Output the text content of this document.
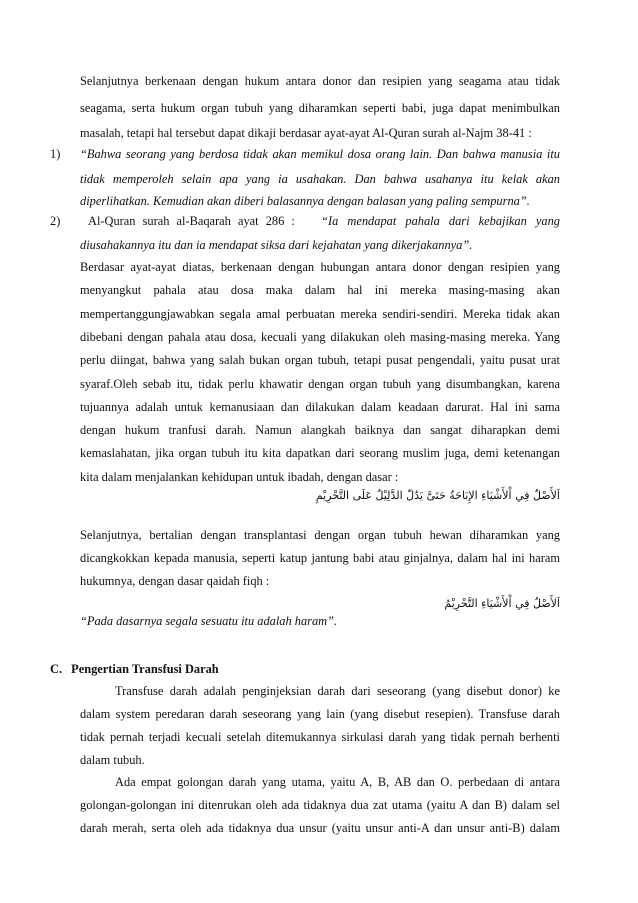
Selanjutnya berkenaan dengan hukum antara donor dan resipien yang seagama atau tidak
seagama, serta hukum organ tubuh yang diharamkan seperti babi, juga dapat menimbulkan
masalah, tetapi hal tersebut dapat dikaji berdasar ayat-ayat Al-Quran surah al-Najm 38-41 :
1) “Bahwa seorang yang berdosa tidak akan memikul dosa orang lain. Dan bahwa manusia itu
tidak memperoleh selain apa yang ia usahakan. Dan bahwa usahanya itu kelak akan
diperlihatkan. Kemudian akan diberi balasannya dengan balasan yang paling sempurna”.
2) Al-Quran surah al-Baqarah ayat 286 : “Ia mendapat pahala dari kebajikan yang
diusahakannya itu dan ia mendapat siksa dari kejahatan yang dikerjakannya”.
Berdasar ayat-ayat diatas, berkenaan dengan hubungan antara donor dengan resipien yang
menyangkut pahala atau dosa maka dalam hal ini mereka masing-masing akan
mempertanggungjawabkan segala amal perbuatan mereka sendiri-sendiri. Mereka tidak akan
dibebani dengan pahala atau dosa, kecuali yang dilakukan oleh masing-masing mereka. Yang
perlu diingat, bahwa yang salah bukan organ tubuh, tetapi pusat pengendali, yaitu pusat urat
syaraf.Oleh sebab itu, tidak perlu khawatir dengan organ tubuh yang disumbangkan, karena
tujuannya adalah untuk kemanusiaan dan dilakukan dalam keadaan darurat. Hal ini sama
dengan hukum tranfusi darah. Namun alangkah baiknya dan sangat diharapkan demi
kemaslahatan, jika organ tubuh itu kita dapatkan dari seorang muslim juga, demi ketenangan
kita dalam menjalankan kehidupan untuk ibadah, dengan dasar :
اَلأَصْلُ فِي اْلأَشْيَاءِ الإِبَاحَةُ حَتَىَّ يَدُلّ الدَّلِيْلُ عَلَى التَّحْرِيْمِ
Selanjutnya, bertalian dengan transplantasi dengan organ tubuh hewan diharamkan yang
dicangkokkan kepada manusia, seperti katup jantung babi atau ginjalnya, dalam hal ini haram
hukumnya, dengan dasar qaidah fiqh :
اَلأَصْلُ فِي اْلأَشْيَاءِ التَّحْرِيْمُ
“Pada dasarnya segala sesuatu itu adalah haram”.
C. Pengertian Transfusi Darah
Transfuse darah adalah penginjeksian darah dari seseorang (yang disebut donor) ke
dalam system peredaran darah seseorang yang lain (yang disebut resepien). Transfuse darah
tidak pernah terjadi kecuali setelah ditemukannya sirkulasi darah yang tidak pernah berhenti
dalam tubuh.
Ada empat golongan darah yang utama, yaitu A, B, AB dan O. perbedaan di antara
golongan-golongan ini ditenrukan oleh ada tidaknya dua zat utama (yaitu A dan B) dalam sel
darah merah, serta oleh ada tidaknya dua unsur (yaitu unsur anti-A dan unsur anti-B) dalam
